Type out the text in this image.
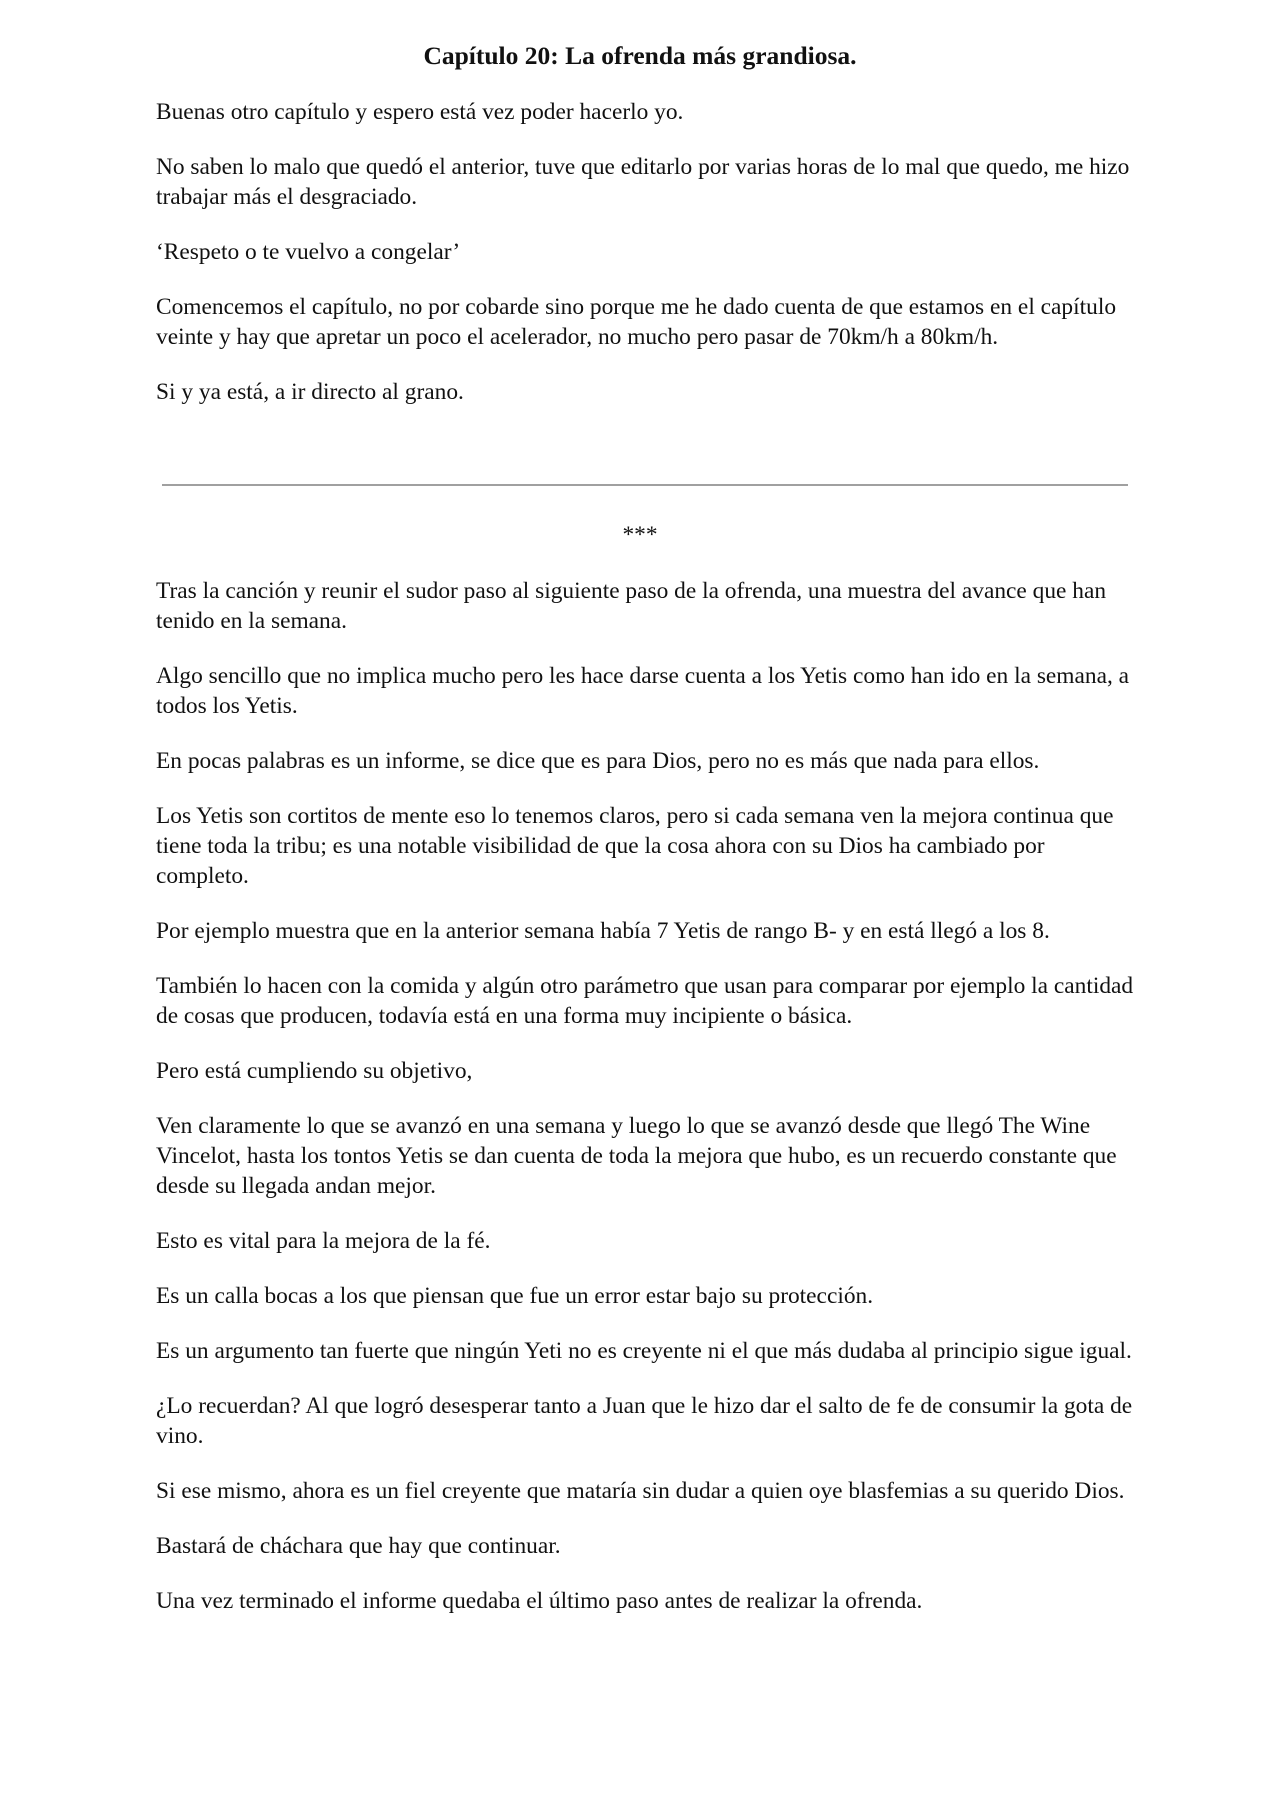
Capítulo 20: La ofrenda más grandiosa.

Buenas otro capítulo y espero está vez poder hacerlo yo.

No saben lo malo que quedó el anterior, tuve que editarlo por varias horas de lo mal que quedo, me hizo trabajar más el desgraciado.

‘Respeto o te vuelvo a congelar’

Comencemos el capítulo, no por cobarde sino porque me he dado cuenta de que estamos en el capítulo veinte y hay que apretar un poco el acelerador, no mucho pero pasar de 70km/h a 80km/h.

Si y ya está, a ir directo al grano.

***

Tras la canción y reunir el sudor paso al siguiente paso de la ofrenda, una muestra del avance que han tenido en la semana.

Algo sencillo que no implica mucho pero les hace darse cuenta a los Yetis como han ido en la semana, a todos los Yetis.

En pocas palabras es un informe, se dice que es para Dios, pero no es más que nada para ellos.

Los Yetis son cortitos de mente eso lo tenemos claros, pero si cada semana ven la mejora continua que tiene toda la tribu; es una notable visibilidad de que la cosa ahora con su Dios ha cambiado por completo.

Por ejemplo muestra que en la anterior semana había 7 Yetis de rango B- y en está llegó a los 8.

También lo hacen con la comida y algún otro parámetro que usan para comparar por ejemplo la cantidad de cosas que producen, todavía está en una forma muy incipiente o básica.

Pero está cumpliendo su objetivo,

Ven claramente lo que se avanzó en una semana y luego lo que se avanzó desde que llegó The Wine Vincelot, hasta los tontos Yetis se dan cuenta de toda la mejora que hubo, es un recuerdo constante que desde su llegada andan mejor.

Esto es vital para la mejora de la fé.

Es un calla bocas a los que piensan que fue un error estar bajo su protección.

Es un argumento tan fuerte que ningún Yeti no es creyente ni el que más dudaba al principio sigue igual.

¿Lo recuerdan? Al que logró desesperar tanto a Juan que le hizo dar el salto de fe de consumir la gota de vino.

Si ese mismo, ahora es un fiel creyente que mataría sin dudar a quien oye blasfemias a su querido Dios.

Bastará de cháchara que hay que continuar.

Una vez terminado el informe quedaba el último paso antes de realizar la ofrenda.
